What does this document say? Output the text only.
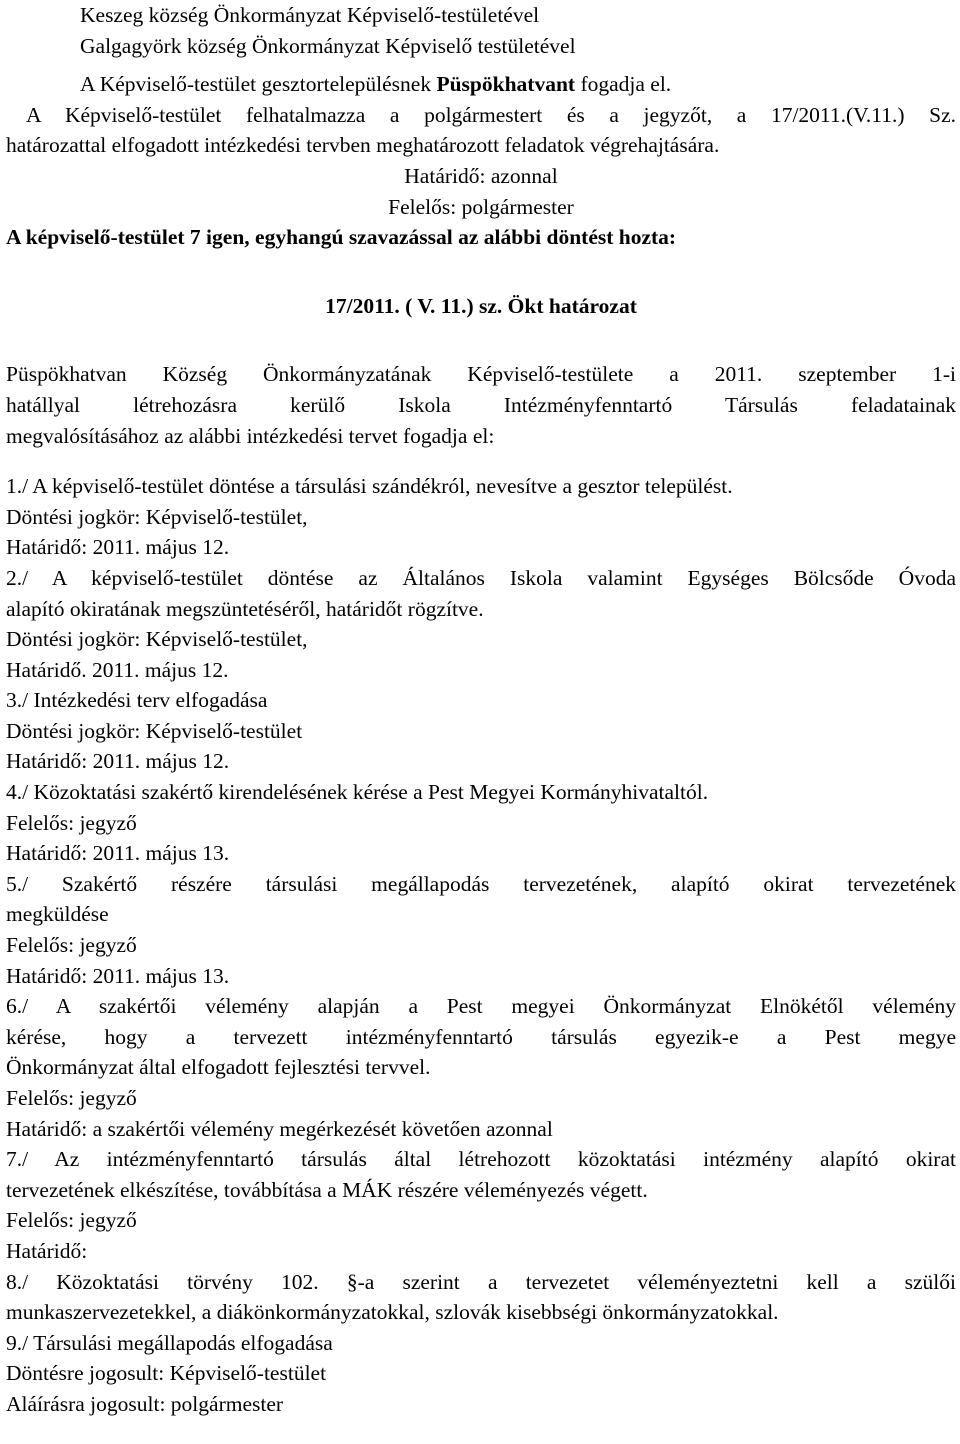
Keszeg község Önkormányzat Képviselő-testületével
Galgagyörk község Önkormányzat Képviselő testületével
A Képviselő-testület gesztortelepülésnek Püspökhatvant fogadja el.
A Képviselő-testület felhatalmazza a polgármestert és a jegyzőt, a 17/2011.(V.11.) Sz.
határozattal elfogadott intézkedési tervben meghatározott feladatok végrehajtására.
Határidő: azonnal
Felelős: polgármester
A képviselő-testület 7 igen, egyhangú szavazással az alábbi döntést hozta:
17/2011. ( V. 11.) sz. Ökt határozat
Püspökhatvan Község Önkormányzatának Képviselő-testülete a 2011. szeptember 1-i
hatállyal létrehozásra kerülő Iskola Intézményfenntartó Társulás feladatainak
megvalósításához az alábbi intézkedési tervet fogadja el:
1./ A képviselő-testület döntése a társulási szándékról, nevesítve a gesztor települést.
Döntési jogkör: Képviselő-testület,
Határidő: 2011. május 12.
2./ A képviselő-testület döntése az Általános Iskola valamint Egységes Bölcsőde Óvoda
alapító okiratának megszüntetéséről, határidőt rögzítve.
Döntési jogkör: Képviselő-testület,
Határidő. 2011. május 12.
3./ Intézkedési terv elfogadása
Döntési jogkör: Képviselő-testület
Határidő: 2011. május 12.
4./ Közoktatási szakértő kirendelésének kérése a Pest Megyei Kormányhivataltól.
Felelős: jegyző
Határidő: 2011. május 13.
5./ Szakértő részére társulási megállapodás tervezetének, alapító okirat tervezetének
megküldése
Felelős: jegyző
Határidő: 2011. május 13.
6./ A szakértői vélemény alapján a Pest megyei Önkormányzat Elnökétől vélemény
kérése, hogy a tervezett intézményfenntartó társulás egyezik-e a Pest megye
Önkormányzat által elfogadott fejlesztési tervvel.
Felelős: jegyző
Határidő: a szakértői vélemény megérkezését követően azonnal
7./ Az intézményfenntartó társulás által létrehozott közoktatási intézmény alapító okirat
tervezetének elkészítése, továbbítása a MÁK részére véleményezés végett.
Felelős: jegyző
Határidő:
8./ Közoktatási törvény 102. §-a szerint a tervezetet véleményeztetni kell a szülői
munkaszervezetekkel, a diákönkormányzatokkal, szlovák kisebbségi önkormányzatokkal.
9./ Társulási megállapodás elfogadása
Döntésre jogosult: Képviselő-testület
Aláírásra jogosult: polgármester
